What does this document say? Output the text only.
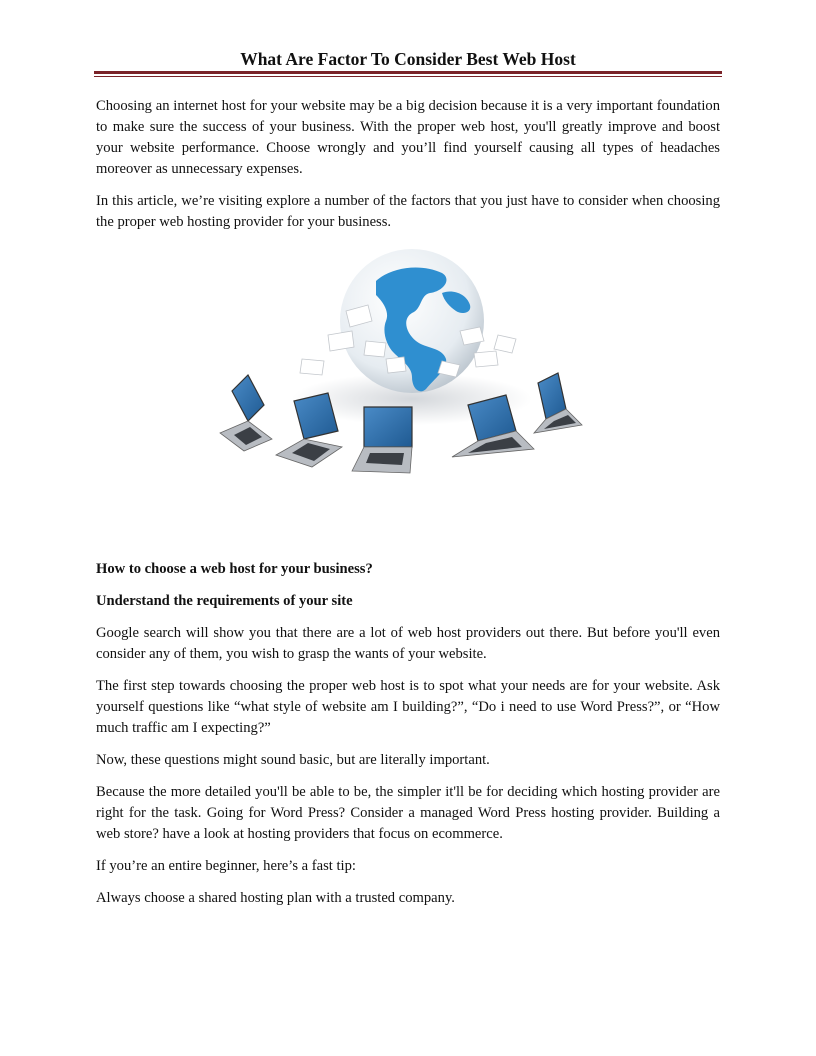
What Are Factor To Consider Best Web Host

Choosing an internet host for your website may be a big decision because it is a very important foundation to make sure the success of your business. With the proper web host, you'll greatly improve and boost your website performance. Choose wrongly and you’ll find yourself causing all types of headaches moreover as unnecessary expenses.

In this article, we’re visiting explore a number of the factors that you just have to consider when choosing the proper web hosting provider for your business.

How to choose a web host for your business?

Understand the requirements of your site

Google search will show you that there are a lot of web host providers out there. But before you'll even consider any of them, you wish to grasp the wants of your website.

The first step towards choosing the proper web host is to spot what your needs are for your website. Ask yourself questions like “what style of website am I building?”, “Do i need to use Word Press?”, or “How much traffic am I expecting?”

Now, these questions might sound basic, but are literally important.

Because the more detailed you'll be able to be, the simpler it'll be for deciding which hosting provider are right for the task. Going for Word Press? Consider a managed Word Press hosting provider. Building a web store? have a look at hosting providers that focus on ecommerce.

If you’re an entire beginner, here’s a fast tip:

Always choose a shared hosting plan with a trusted company.
